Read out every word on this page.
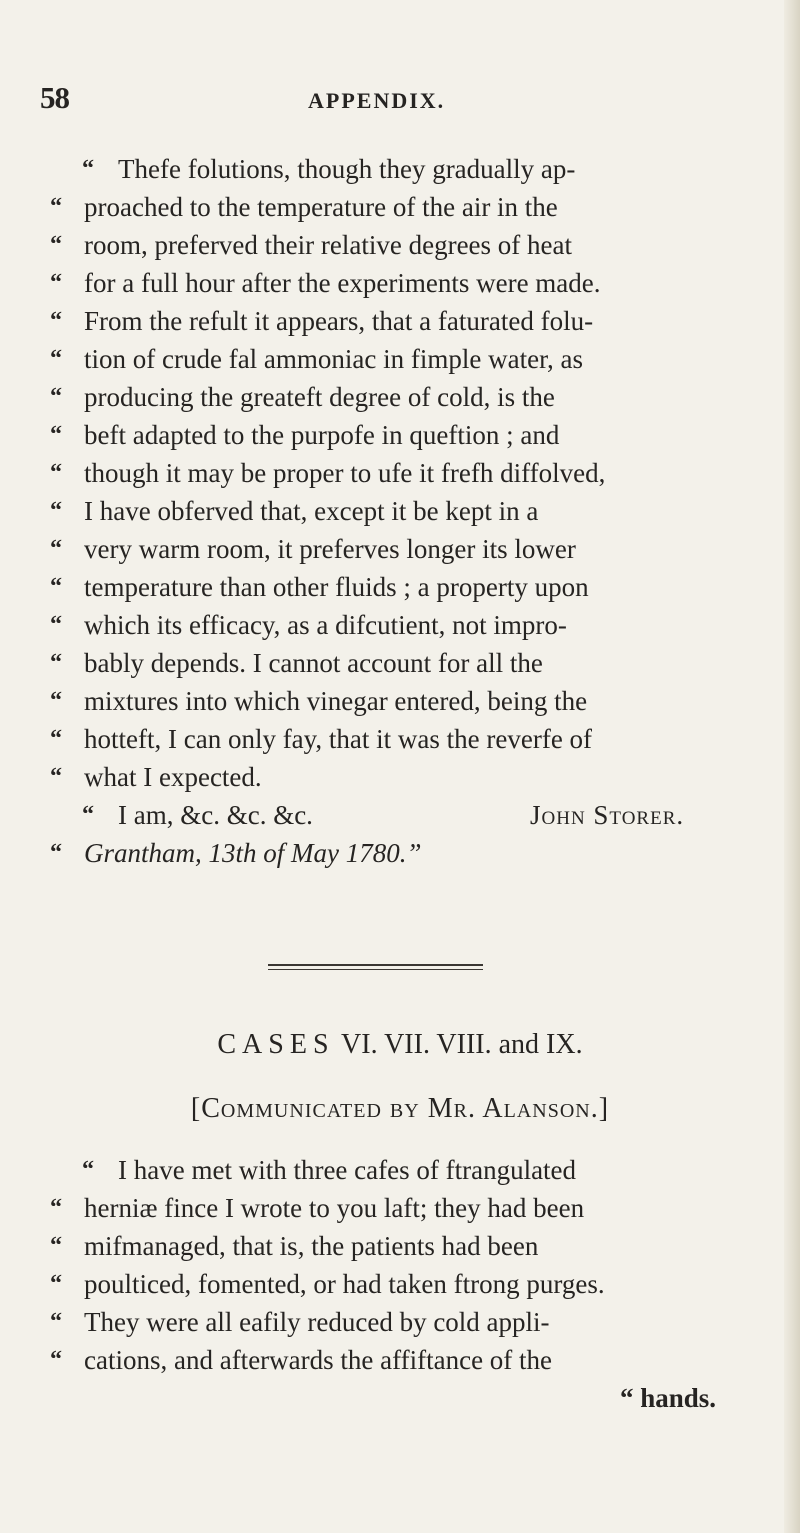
58	APPENDIX.
“ Thefe folutions, though they gradually ap-
“ proached to the temperature of the air in the
“ room, preferved their relative degrees of heat
“ for a full hour after the experiments were made.
“ From the refult it appears, that a faturated folu-
“ tion of crude fal ammoniac in fimple water, as
“ producing the greateft degree of cold, is the
“ beft adapted to the purpofe in queftion ; and
“ though it may be proper to ufe it frefh diffolved,
“ I have obferved that, except it be kept in a
“ very warm room, it preferves longer its lower
“ temperature than other fluids ; a property upon
“ which its efficacy, as a difcutient, not impro-
“ bably depends. I cannot account for all the
“ mixtures into which vinegar entered, being the
“ hotteft, I can only fay, that it was the reverfe of
“ what I expected.
“ I am, &c. &c. &c.	John Storer.
“ Grantham, 13th of May 1780.”
CASES VI. VII. VIII. and IX.
[Communicated by Mr. Alanson.]
“ I have met with three cafes of ftrangulated
“ herniæ fince I wrote to you laft; they had been
“ mifmanaged, that is, the patients had been
“ poulticed, fomented, or had taken ftrong purges.
“ They were all eafily reduced by cold appli-
“ cations, and afterwards the affiftance of the
“ hands.
